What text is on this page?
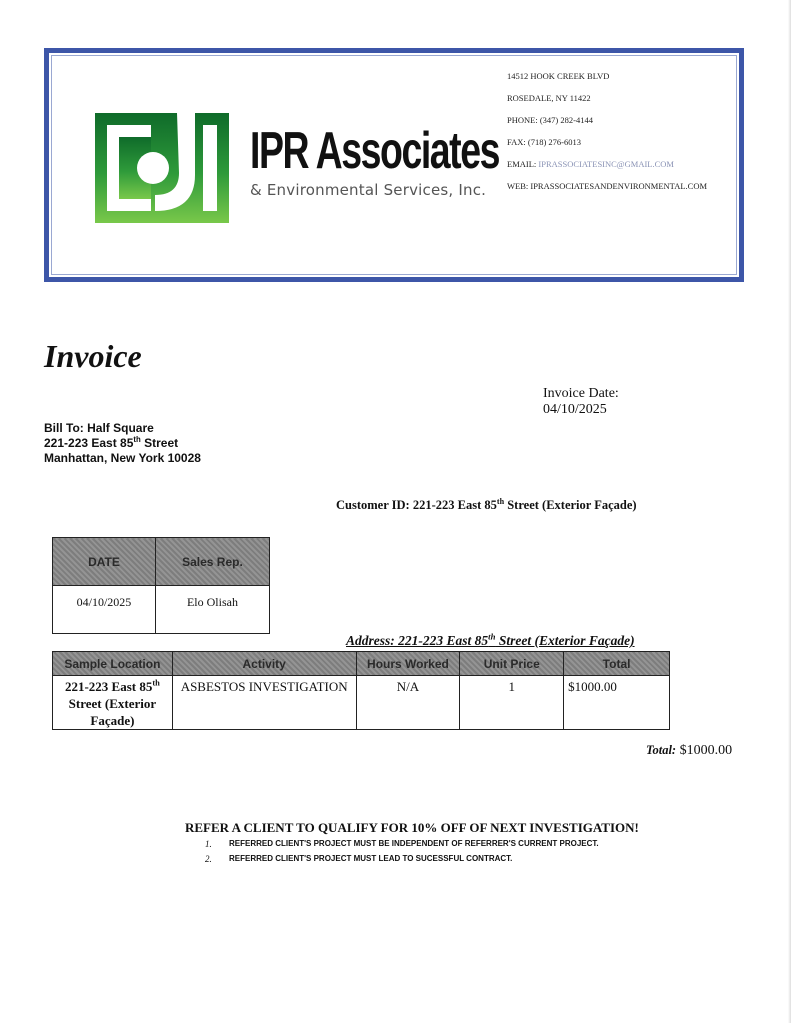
IPR Associates
& Environmental Services, Inc.
14512 HOOK CREEK BLVD
ROSEDALE, NY 11422
PHONE: (347) 282-4144
FAX: (718) 276-6013
EMAIL: IPRASSOCIATESINC@GMAIL.COM
WEB: IPRASSOCIATESANDENVIRONMENTAL.COM
Invoice
Invoice Date:
04/10/2025
Bill To: Half Square
221-223 East 85th Street
Manhattan, New York 10028
Customer ID: 221-223 East 85th Street (Exterior Façade)
DATE	Sales Rep.
04/10/2025	Elo Olisah
Address: 221-223 East 85th Street (Exterior Façade)
Sample Location	Activity	Hours Worked	Unit Price	Total
221-223 East 85th Street (Exterior Façade)	ASBESTOS INVESTIGATION	N/A	1	$1000.00
Total: $1000.00
REFER A CLIENT TO QUALIFY FOR 10% OFF OF NEXT INVESTIGATION!
1.	REFERRED CLIENT'S PROJECT MUST BE INDEPENDENT OF REFERRER'S CURRENT PROJECT.
2.	REFERRED CLIENT'S PROJECT MUST LEAD TO SUCESSFUL CONTRACT.
